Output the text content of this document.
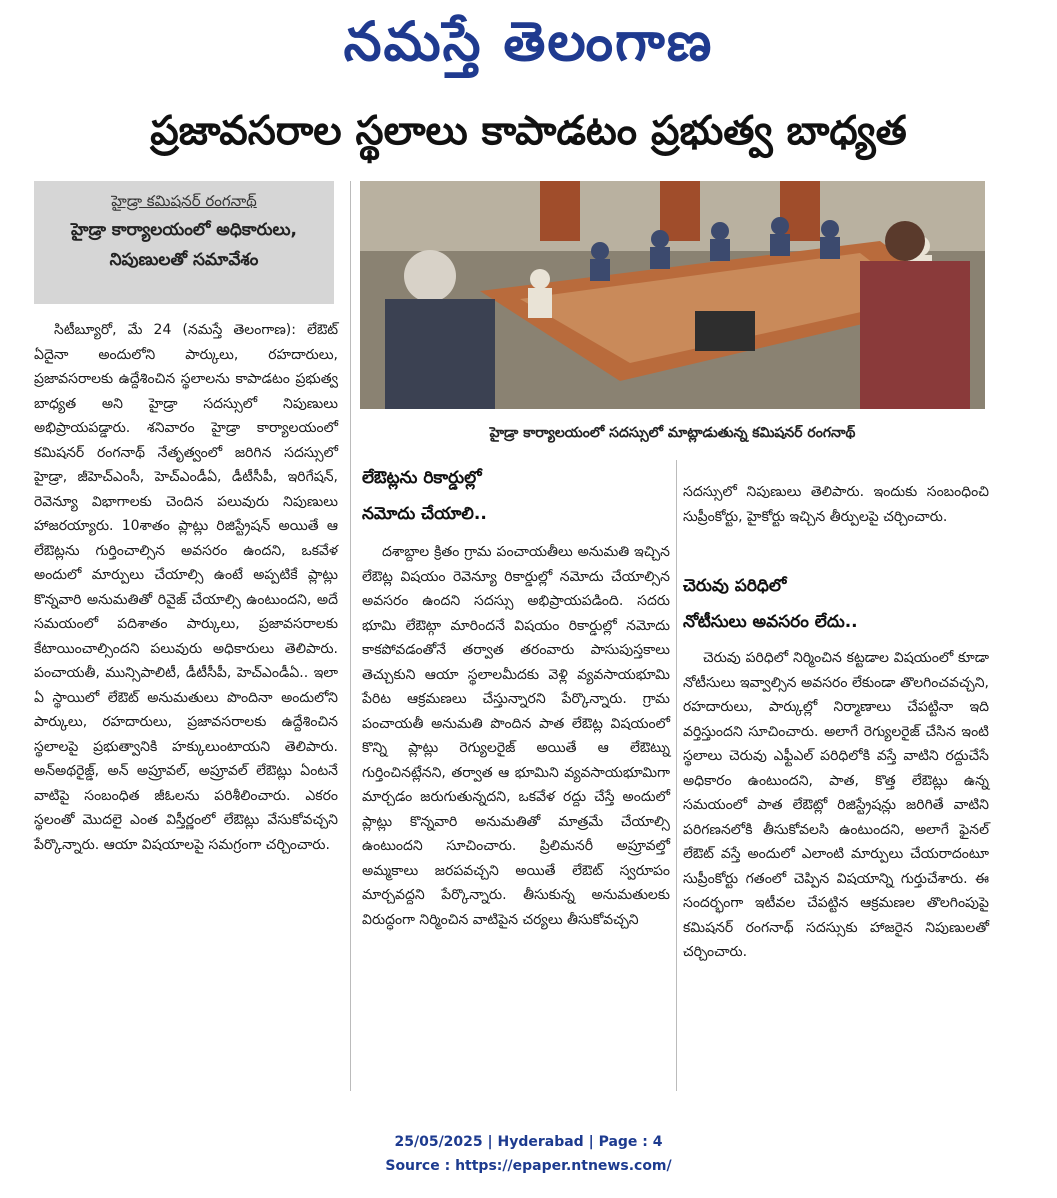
నమస్తే తెలంగాణ
ప్రజావసరాల స్థలాలు కాపాడటం ప్రభుత్వ బాధ్యత
హైడ్రా కమిషనర్ రంగనాథ్
హైడ్రా కార్యాలయంలో అధికారులు,
నిపుణులతో సమావేశం
హైడ్రా కార్యాలయంలో సదస్సులో మాట్లాడుతున్న కమిషనర్ రంగనాథ్

సిటీబ్యూరో, మే 24 (నమస్తే తెలంగాణ): లేఔట్ ఏదైనా అందులోని పార్కులు, రహదారులు, ప్రజావసరాలకు ఉద్దేశించిన స్థలాలను కాపాడటం ప్రభుత్వ బాధ్యత అని హైడ్రా సదస్సులో నిపుణులు అభిప్రాయపడ్డారు. శనివారం హైడ్రా కార్యాలయంలో కమిషనర్ రంగనాథ్ నేతృత్వంలో జరిగిన సదస్సులో హైడ్రా, జీహెచ్ఎంసీ, హెచ్ఎండీఏ, డీటీసీపీ, ఇరిగేషన్, రెవెన్యూ విభాగాలకు చెందిన పలువురు నిపుణులు హాజరయ్యారు. 10శాతం ప్లాట్లు రిజిస్ట్రేషన్ అయితే ఆ లేఔట్లను గుర్తించాల్సిన అవసరం ఉందని, ఒకవేళ అందులో మార్పులు చేయాల్సి ఉంటే అప్పటికే ప్లాట్లు కొన్నవారి అనుమతితో రివైజ్ చేయాల్సి ఉంటుందని, అదే సమయంలో పదిశాతం పార్కులు, ప్రజావసరాలకు కేటాయించాల్సిందని పలువురు అధికారులు తెలిపారు. పంచాయతీ, మున్సిపాలిటీ, డీటీసీపీ, హెచ్ఎండీఏ.. ఇలా ఏ స్థాయిలో లేఔట్ అనుమతులు పొందినా అందులోని పార్కులు, రహదారులు, ప్రజావసరాలకు ఉద్దేశించిన స్థలాలపై ప్రభుత్వానికి హక్కులుంటాయని తెలిపారు. అన్అథరైజ్డ్, అన్ అప్రూవల్, అప్రూవల్ లేఔట్లు ఏంటనే వాటిపై సంబంధిత జీఓలను పరిశీలించారు. ఎకరం స్థలంతో మొదలై ఎంత విస్తీర్ణంలో లేఔట్లు వేసుకోవచ్చని పేర్కొన్నారు. ఆయా విషయాలపై సమగ్రంగా చర్చించారు.

లేఔట్లను రికార్డుల్లో
నమోదు చేయాలి..

దశాబ్దాల క్రితం గ్రామ పంచాయతీలు అనుమతి ఇచ్చిన లేఔట్ల విషయం రెవెన్యూ రికార్డుల్లో నమోదు చేయాల్సిన అవసరం ఉందని సదస్సు అభిప్రాయపడింది. సదరు భూమి లేఔట్గా మారిందనే విషయం రికార్డుల్లో నమోదు కాకపోవడంతోనే తర్వాత తరంవారు పాసుపుస్తకాలు తెచ్చుకుని ఆయా స్థలాలమీదకు వెళ్లి వ్యవసాయభూమి పేరిట ఆక్రమణలు చేస్తున్నారని పేర్కొన్నారు. గ్రామ పంచాయతీ అనుమతి పొందిన పాత లేఔట్ల విషయంలో కొన్ని ప్లాట్లు రెగ్యులరైజ్ అయితే ఆ లేఔట్ను గుర్తించినట్లేనని, తర్వాత ఆ భూమిని వ్యవసాయభూమిగా మార్చడం జరుగుతున్నదని, ఒకవేళ రద్దు చేస్తే అందులో ప్లాట్లు కొన్నవారి అనుమతితో మాత్రమే చేయాల్సి ఉంటుందని సూచించారు. ప్రిలిమనరీ అప్రూవల్తో అమ్మకాలు జరపవచ్చని అయితే లేఔట్ స్వరూపం మార్చవద్దని పేర్కొన్నారు. తీసుకున్న అనుమతులకు విరుద్ధంగా నిర్మించిన వాటిపైన చర్యలు తీసుకోవచ్చని

సదస్సులో నిపుణులు తెలిపారు. ఇందుకు సంబంధించి సుప్రీంకోర్టు, హైకోర్టు ఇచ్చిన తీర్పులపై చర్చించారు.

చెరువు పరిధిలో
నోటీసులు అవసరం లేదు..

చెరువు పరిధిలో నిర్మించిన కట్టడాల విషయంలో కూడా నోటీసులు ఇవ్వాల్సిన అవసరం లేకుండా తొలగించవచ్చని, రహదారులు, పార్కుల్లో నిర్మాణాలు చేపట్టినా ఇది వర్తిస్తుందని సూచించారు. అలాగే రెగ్యులరైజ్ చేసిన ఇంటి స్థలాలు చెరువు ఎఫ్టీఎల్ పరిధిలోకి వస్తే వాటిని రద్దుచేసే అధికారం ఉంటుందని, పాత, కొత్త లేఔట్లు ఉన్న సమయంలో పాత లేఔట్లో రిజిస్ట్రేషన్లు జరిగితే వాటిని పరిగణనలోకి తీసుకోవలసి ఉంటుందని, అలాగే ఫైనల్ లేఔట్ వస్తే అందులో ఎలాంటి మార్పులు చేయరాదంటూ సుప్రీంకోర్టు గతంలో చెప్పిన విషయాన్ని గుర్తుచేశారు. ఈ సందర్భంగా ఇటీవల చేపట్టిన ఆక్రమణల తొలగింపుపై కమిషనర్ రంగనాథ్ సదస్సుకు హాజరైన నిపుణులతో చర్చించారు.

25/05/2025 | Hyderabad | Page : 4
Source : https://epaper.ntnews.com/
